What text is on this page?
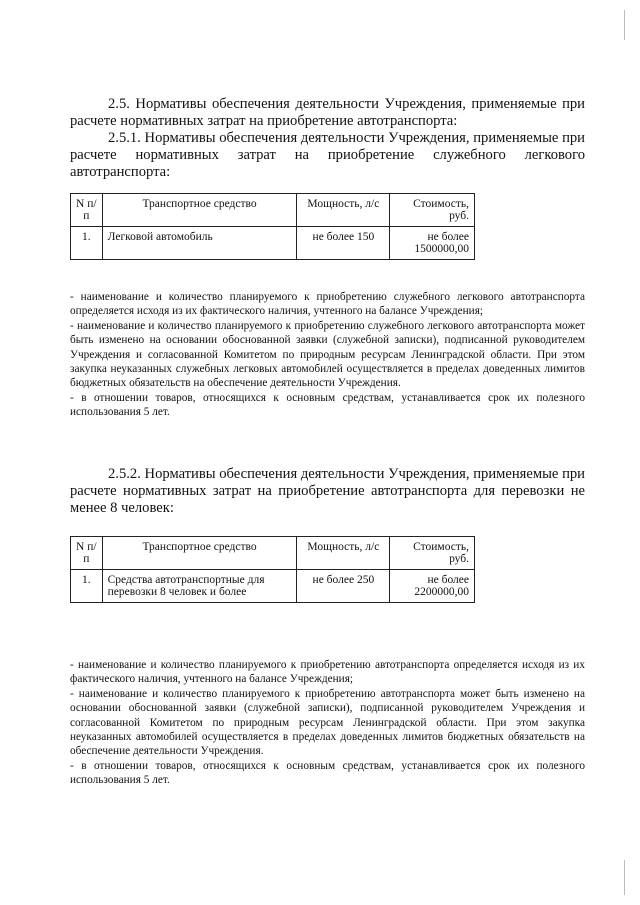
2.5. Нормативы обеспечения деятельности Учреждения, применяемые при расчете нормативных затрат на приобретение автотранспорта:
2.5.1. Нормативы обеспечения деятельности Учреждения, применяемые при расчете нормативных затрат на приобретение служебного легкового автотранспорта:
N п/п	Транспортное средство	Мощность, л/с	Стоимость, руб.
1.	Легковой автомобиль	не более 150	не более 1500000,00

- наименование и количество планируемого к приобретению служебного легкового автотранспорта определяется исходя из их фактического наличия, учтенного на балансе Учреждения;

- наименование и количество планируемого к приобретению служебного легкового автотранспорта может быть изменено на основании обоснованной заявки (служебной записки), подписанной руководителем Учреждения и согласованной Комитетом по природным ресурсам Ленинградской области. При этом закупка неуказанных служебных легковых автомобилей осуществляется в пределах доведенных лимитов бюджетных обязательств на обеспечение деятельности Учреждения.

- в отношении товаров, относящихся к основным средствам, устанавливается срок их полезного использования 5 лет.

2.5.2. Нормативы обеспечения деятельности Учреждения, применяемые при расчете нормативных затрат на приобретение автотранспорта для перевозки не менее 8 человек:
N п/п	Транспортное средство	Мощность, л/с	Стоимость, руб.
1.	Средства автотранспортные для перевозки 8 человек и более	не более 250	не более 2200000,00

- наименование и количество планируемого к приобретению автотранспорта определяется исходя из их фактического наличия, учтенного на балансе Учреждения;

- наименование и количество планируемого к приобретению автотранспорта может быть изменено на основании обоснованной заявки (служебной записки), подписанной руководителем Учреждения и согласованной Комитетом по природным ресурсам Ленинградской области. При этом закупка неуказанных автомобилей осуществляется в пределах доведенных лимитов бюджетных обязательств на обеспечение деятельности Учреждения.

- в отношении товаров, относящихся к основным средствам, устанавливается срок их полезного использования 5 лет.
